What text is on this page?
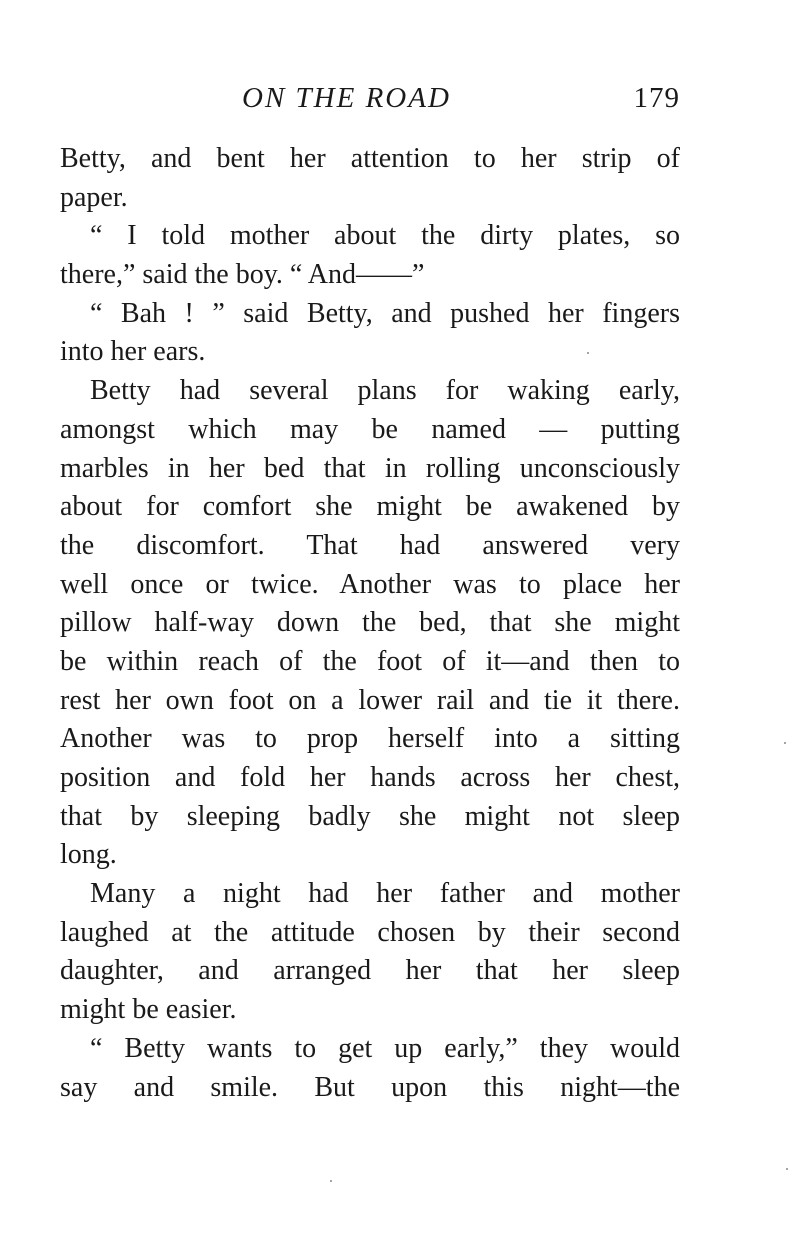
ON THE ROAD	179
Betty, and bent her attention to her strip of
paper.
“ I told mother about the dirty plates, so
there,” said the boy. “ And——”
“ Bah ! ” said Betty, and pushed her fingers
into her ears.
Betty had several plans for waking early,
amongst which may be named — putting
marbles in her bed that in rolling unconsciously
about for comfort she might be awakened by
the discomfort. That had answered very
well once or twice. Another was to place her
pillow half-way down the bed, that she might
be within reach of the foot of it—and then to
rest her own foot on a lower rail and tie it there.
Another was to prop herself into a sitting
position and fold her hands across her chest,
that by sleeping badly she might not sleep
long.
Many a night had her father and mother
laughed at the attitude chosen by their second
daughter, and arranged her that her sleep
might be easier.
“ Betty wants to get up early,” they would
say and smile. But upon this night—the
